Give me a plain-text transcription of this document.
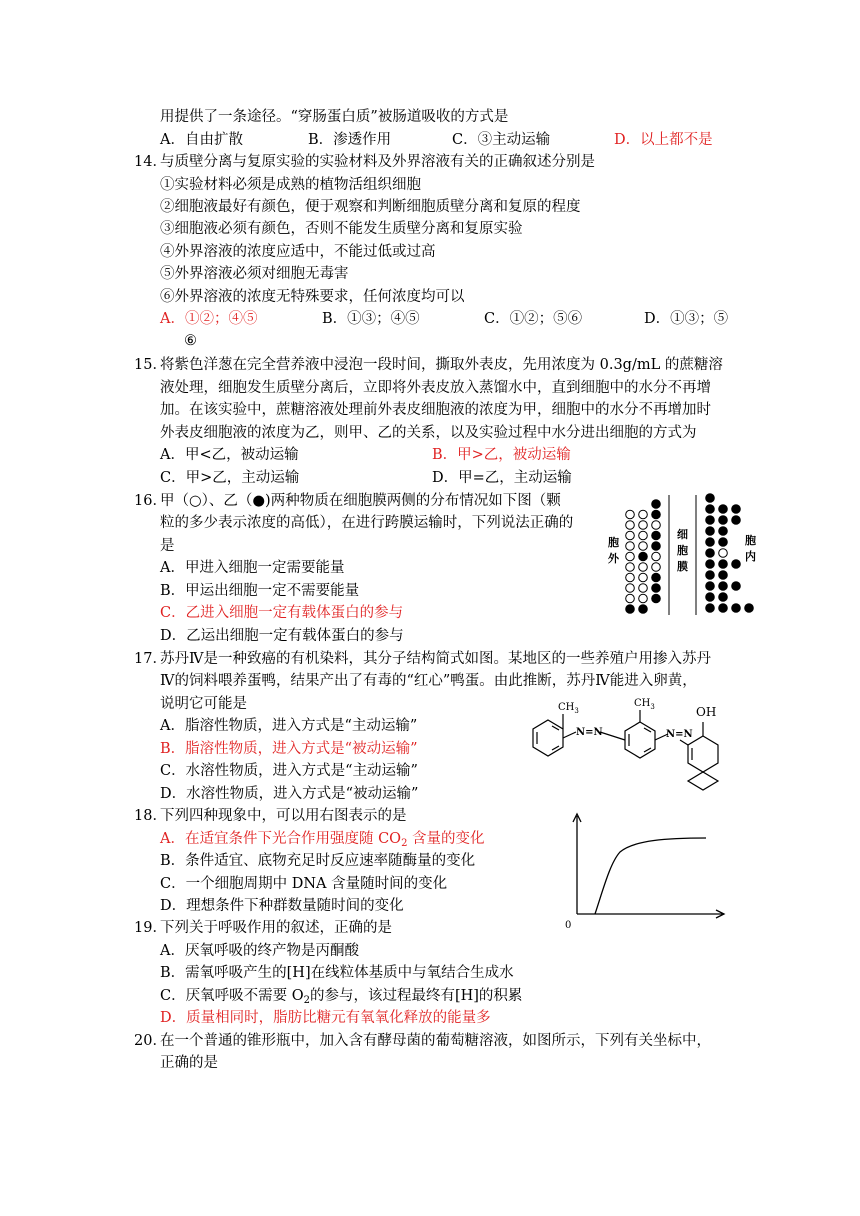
用提供了一条途径。“穿肠蛋白质”被肠道吸收的方式是
A．自由扩散	B．渗透作用	C．③主动运输	D．以上都不是
14．
与质壁分离与复原实验的实验材料及外界溶液有关的正确叙述分别是
①实验材料必须是成熟的植物活组织细胞
②细胞液最好有颜色，便于观察和判断细胞质壁分离和复原的程度
③细胞液必须有颜色，否则不能发生质壁分离和复原实验
④外界溶液的浓度应适中，不能过低或过高
⑤外界溶液必须对细胞无毒害
⑥外界溶液的浓度无特殊要求，任何浓度均可以
A．①②；④⑤	B．①③；④⑤	C．①②；⑤⑥	D．①③；⑤
⑥
15．
将紫色洋葱在完全营养液中浸泡一段时间，撕取外表皮，先用浓度为 0.3g/mL 的蔗糖溶
液处理，细胞发生质壁分离后，立即将外表皮放入蒸馏水中，直到细胞中的水分不再增
加。在该实验中，蔗糖溶液处理前外表皮细胞液的浓度为甲，细胞中的水分不再增加时
外表皮细胞液的浓度为乙，则甲、乙的关系，以及实验过程中水分进出细胞的方式为
A．甲<乙，被动运输	B．甲>乙，被动运输
C．甲>乙，主动运输	D．甲=乙，主动运输
16．
甲（○）、乙（●)两种物质在细胞膜两侧的分布情况如下图（颗
粒的多少表示浓度的高低），在进行跨膜运输时，下列说法正确的
是
A．甲进入细胞一定需要能量
B．甲运出细胞一定不需要能量
C．乙进入细胞一定有载体蛋白的参与
D．乙运出细胞一定有载体蛋白的参与
胞
外
细
胞
膜
胞
内
17．
苏丹Ⅳ是一种致癌的有机染料，其分子结构简式如图。某地区的一些养殖户用掺入苏丹
Ⅳ的饲料喂养蛋鸭，结果产出了有毒的“红心”鸭蛋。由此推断，苏丹Ⅳ能进入卵黄，
说明它可能是
A．脂溶性物质，进入方式是“主动运输”
B．脂溶性物质，进入方式是“被动运输”
C．水溶性物质，进入方式是“主动运输”
D．水溶性物质，进入方式是“被动运输”
$CH_3$
$CH_3$	OH
N=N	N=N
18．
下列四种现象中，可以用右图表示的是
A．在适宜条件下光合作用强度随 $CO_2$ 含量的变化
B．条件适宜、底物充足时反应速率随酶量的变化
C．一个细胞周期中 DNA 含量随时间的变化
D．理想条件下种群数量随时间的变化
0
19．
下列关于呼吸作用的叙述，正确的是
A．厌氧呼吸的终产物是丙酮酸
B．需氧呼吸产生的[H]在线粒体基质中与氧结合生成水
C．厌氧呼吸不需要 $O_2$的参与，该过程最终有[H]的积累
D．质量相同时，脂肪比糖元有氧氧化释放的能量多
20．
在一个普通的锥形瓶中，加入含有酵母菌的葡萄糖溶液，如图所示，下列有关坐标中，
正确的是
